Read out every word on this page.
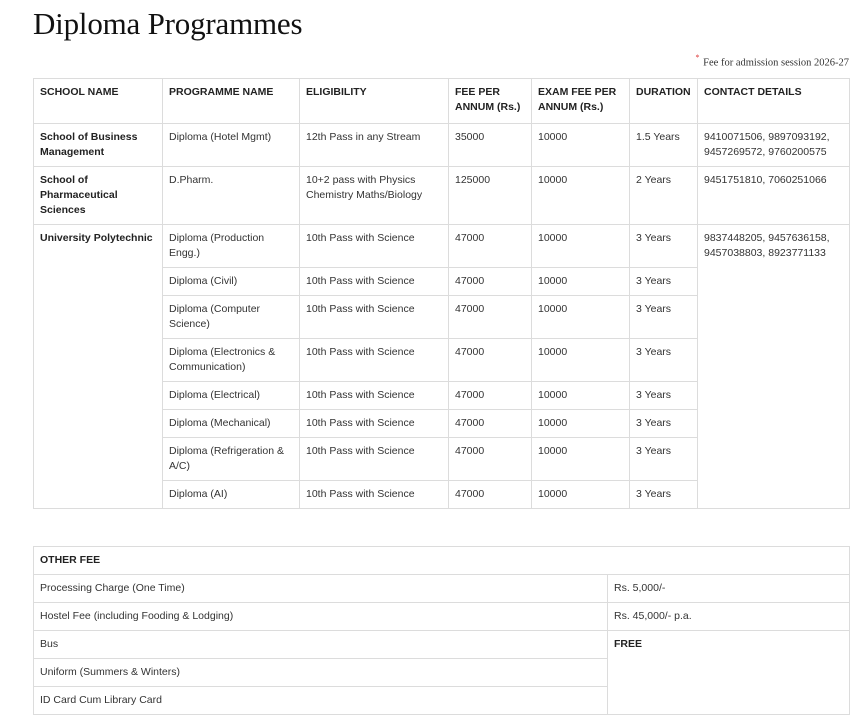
Diploma Programmes
* Fee for admission session 2026-27
SCHOOL NAME	PROGRAMME NAME	ELIGIBILITY	FEE PER ANNUM (Rs.)	EXAM FEE PER ANNUM (Rs.)	DURATION	CONTACT DETAILS
School of Business Management	Diploma (Hotel Mgmt)	12th Pass in any Stream	35000	10000	1.5 Years	9410071506, 9897093192, 9457269572, 9760200575
School of Pharmaceutical Sciences	D.Pharm.	10+2 pass with Physics Chemistry Maths/Biology	125000	10000	2 Years	9451751810, 7060251066
University Polytechnic	Diploma (Production Engg.)	10th Pass with Science	47000	10000	3 Years	9837448205, 9457636158, 9457038803, 8923771133
	Diploma (Civil)	10th Pass with Science	47000	10000	3 Years	
	Diploma (Computer Science)	10th Pass with Science	47000	10000	3 Years	
	Diploma (Electronics & Communication)	10th Pass with Science	47000	10000	3 Years	
	Diploma (Electrical)	10th Pass with Science	47000	10000	3 Years	
	Diploma (Mechanical)	10th Pass with Science	47000	10000	3 Years	
	Diploma (Refrigeration & A/C)	10th Pass with Science	47000	10000	3 Years	
	Diploma (AI)	10th Pass with Science	47000	10000	3 Years	
OTHER FEE	
Processing Charge (One Time)	Rs. 5,000/-
Hostel Fee (including Fooding & Lodging)	Rs. 45,000/- p.a.
Bus	FREE
Uniform (Summers & Winters)	
ID Card Cum Library Card	
